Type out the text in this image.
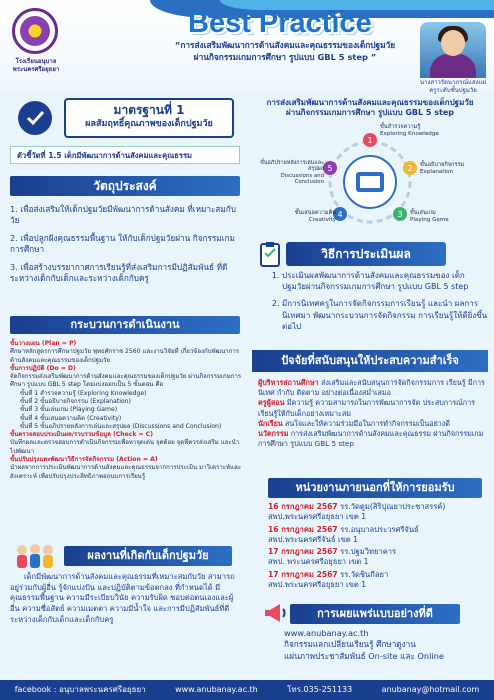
โรงเรียนอนุบาลพระนครศรีอยุธยา
Best Practice
“การส่งเสริมพัฒนาการด้านสังคมและคุณธรรมของเด็กปฐมวัย
ผ่านกิจกรรมเกมการศึกษา รูปแบบ GBL 5 step ”
นางสาวรัตนาภรณ์แสงแฝ
ครูระดับชั้นปฐมวัย
มาตรฐานที่ 1
ผลสัมฤทธิ์คุณภาพของเด็กปฐมวัย
ตัวชี้วัดที่ 1.5 เด็กมีพัฒนาการด้านสังคมและคุณธรรม
วัตถุประสงค์

1. เพื่อส่งเสริมให้เด็กปฐมวัยมีพัฒนาการด้านสังคม ที่เหมาะสมกับวัย

2. เพื่อปลูกฝังคุณธรรมพื้นฐาน ให้กับเด็กปฐมวัยผ่าน กิจกรรมเกมการศึกษา

3. เพื่อสร้างบรรยากาศการเรียนรู้ที่ส่งเสริมการมีปฏิสัมพันธ์ ที่ดีระหว่างเด็กกับเด็กและระหว่างเด็กกับครู

กระบวนการดำเนินงาน
ขั้นวางแผน (Plan = P)
ศึกษาหลักสูตรการศึกษาปฐมวัย พุทธศักราช 2560 และงานวิจัยที่ เกี่ยวข้องกับพัฒนาการด้านสังคมและคุณธรรมของเด็กปฐมวัย
ขั้นการปฏิบัติ (Do = D)
จัดกิจกรรมส่งเสริมพัฒนาการด้านสังคมและคุณธรรมของเด็กปฐมวัย ผ่านกิจกรรมเกมการศึกษา รูปแบบ GBL 5 step โดยแบ่งออกเป็น 5 ขั้นตอน คือ
ขั้นที่ 1 สำรวจความรู้ (Exploring Knowledge)
ขั้นที่ 2 ขั้นอธิบายกิจกรรม (Explanation)
ขั้นที่ 3 ขั้นเล่นเกม (Playing Game)
ขั้นที่ 4 ขั้นเสนอความคิด (Creativity)
ขั้นที่ 5 ขั้นอภิปรายหลังการเล่นและสรุปผล (Discussions and Conclusion)
ขั้นตรวจสอบประเมินผล/รวบรวมข้อมูล (Check = C)
บันทึกผลและตรวจสอบการดำเนินกิจกรรมเพื่อหาจุดเด่น จุดด้อย จุดที่ควรส่งเสริม และนำไปพัฒนา
ขั้นปรับปรุงและพัฒนาวิธีการจัดกิจกรรม (Action = A)
นำผลจากการประเมินพัฒนาการด้านสังคมและคุณธรรมจากการประเมิน มาวิเคราะห์และสังเคราะห์ เพื่อปรับปรุงประสิทธิภาพอถนบการเรียนรู้
ผลงานที่เกิดกับเด็กปฐมวัย
เด็กมีพัฒนาการด้านสังคมและคุณธรรมที่เหมาะสมกับวัย สามารถอยู่ร่วมกับผู้อื่น รู้จักแบ่งปัน และปฏิบัติตามข้อตกลง ที่กำหนดได้ มีคุณธรรมพื้นฐาน ความมีระเบียบวินัย ความรับผิด ชอบต่อตนเองและผู้อื่น ความซื่อสัตย์ ความเมตตา ความมีน้ำใจ และการมีปฏิสัมพันธ์ที่ดีระหว่างเด็กกับเด็กและเด็กกับครู
การส่งเสริมพัฒนาการด้านสังคมและคุณธรรมของเด็กปฐมวัย
ผ่านกิจกรรมเกมการศึกษา รูปแบบ GBL 5 step
1
2
3
4
5
ขั้นสำรวจความรู้
Exploring Knowledge
ขั้นอธิบายกิจกรรม
Explanation
ขั้นเล่นเกม
Playing Game
ขั้นเสนอความคิด
Creativity
ขั้นอภิปรายหลังการเล่นและสรุปผล
Discussions and Conclusion
วิธีการประเมินผล
1. ประเมินผลพัฒนาการด้านสังคมและคุณธรรมของ เด็กปฐมวัยผ่านกิจกรรมเกมการศึกษา รูปแบบ GBL 5 step
2. มีการนิเทศครูในการจัดกิจกรรมการเรียนรู้ และนำ ผลการนิเทศมา พัฒนากระบวนการจัดกิจกรรม การเรียนรู้ให้ดียิ่งขึ้นต่อไป
ปัจจัยที่สนับสนุนให้ประสบความสำเร็จ
ผู้บริหารสถานศึกษา ส่งเสริมและสนับสนุนการจัดกิจกรรมการ เรียนรู้ มีการนิเทศ กำกับ ติดตาม อย่างต่อเนื่องสม่ำเสมอ
ครูผู้สอน มีความรู้ ความสามารถในการพัฒนาการจัด ประสบการณ์การเรียนรู้ให้กับเด็กอย่างเหมาะสม
นักเรียน สนใจและให้ความร่วมมือในการทำกิจกรรมเป็นอย่างดี
นวัตกรรม การส่งเสริมพัฒนาการด้านสังคมและคุณธรรม ผ่านกิจกรรมเกมการศึกษา รูปแบบ GBL 5 step
หน่วยงานภายนอกที่ให้การยอมรับ
16 กรกฎาคม 2567 รร.วัดตูม(สิริปุณยาประชาสรรค์)
สพป.พระนครศรีอยุธยา เขต 1
16 กรกฎาคม 2567 รร.อนุบาลประวรศรีจันธ์
สพป.พระนครศรีจันธ์ เขต 1
17 กรกฎาคม 2567 รร.ปฐมวิทยาคาร
สพป. พระนครศรีอยุธยา เขต 1
17 กรกฎาคม 2567 รร.วัดชินกีลยา
สพป.พระนครศรีอยุธยา เขต 1
การเผยแพร่แบบอย่างที่ดี
www.anubanay.ac.th
กิจกรรมแลกเปลี่ยนเรียนรู้ ศึกษาดูงาน
แผ่นภาพประชาสัมพันธ์ On-site และ Online
facebook : อนุบาลพระนครศรีอยุธยา	www.anubanay.ac.th	โทร.035-251133	anubanay@hotmail.com
